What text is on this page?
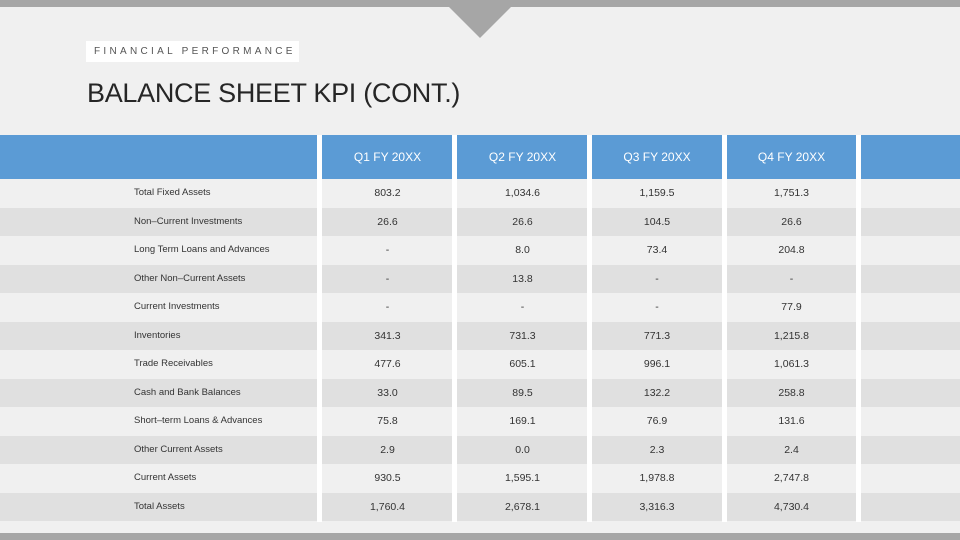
FINANCIAL PERFORMANCE
BALANCE SHEET KPI (CONT.)
Q1 FY 20XX	Q2 FY 20XX	Q3 FY 20XX	Q4 FY 20XX
Total Fixed Assets	803.2	1,034.6	1,159.5	1,751.3
Non–Current Investments	26.6	26.6	104.5	26.6
Long Term Loans and Advances	-	8.0	73.4	204.8
Other Non–Current Assets	-	13.8	-	-
Current Investments	-	-	-	77.9
Inventories	341.3	731.3	771.3	1,215.8
Trade Receivables	477.6	605.1	996.1	1,061.3
Cash and Bank Balances	33.0	89.5	132.2	258.8
Short–term Loans & Advances	75.8	169.1	76.9	131.6
Other Current Assets	2.9	0.0	2.3	2.4
Current Assets	930.5	1,595.1	1,978.8	2,747.8
Total Assets	1,760.4	2,678.1	3,316.3	4,730.4
